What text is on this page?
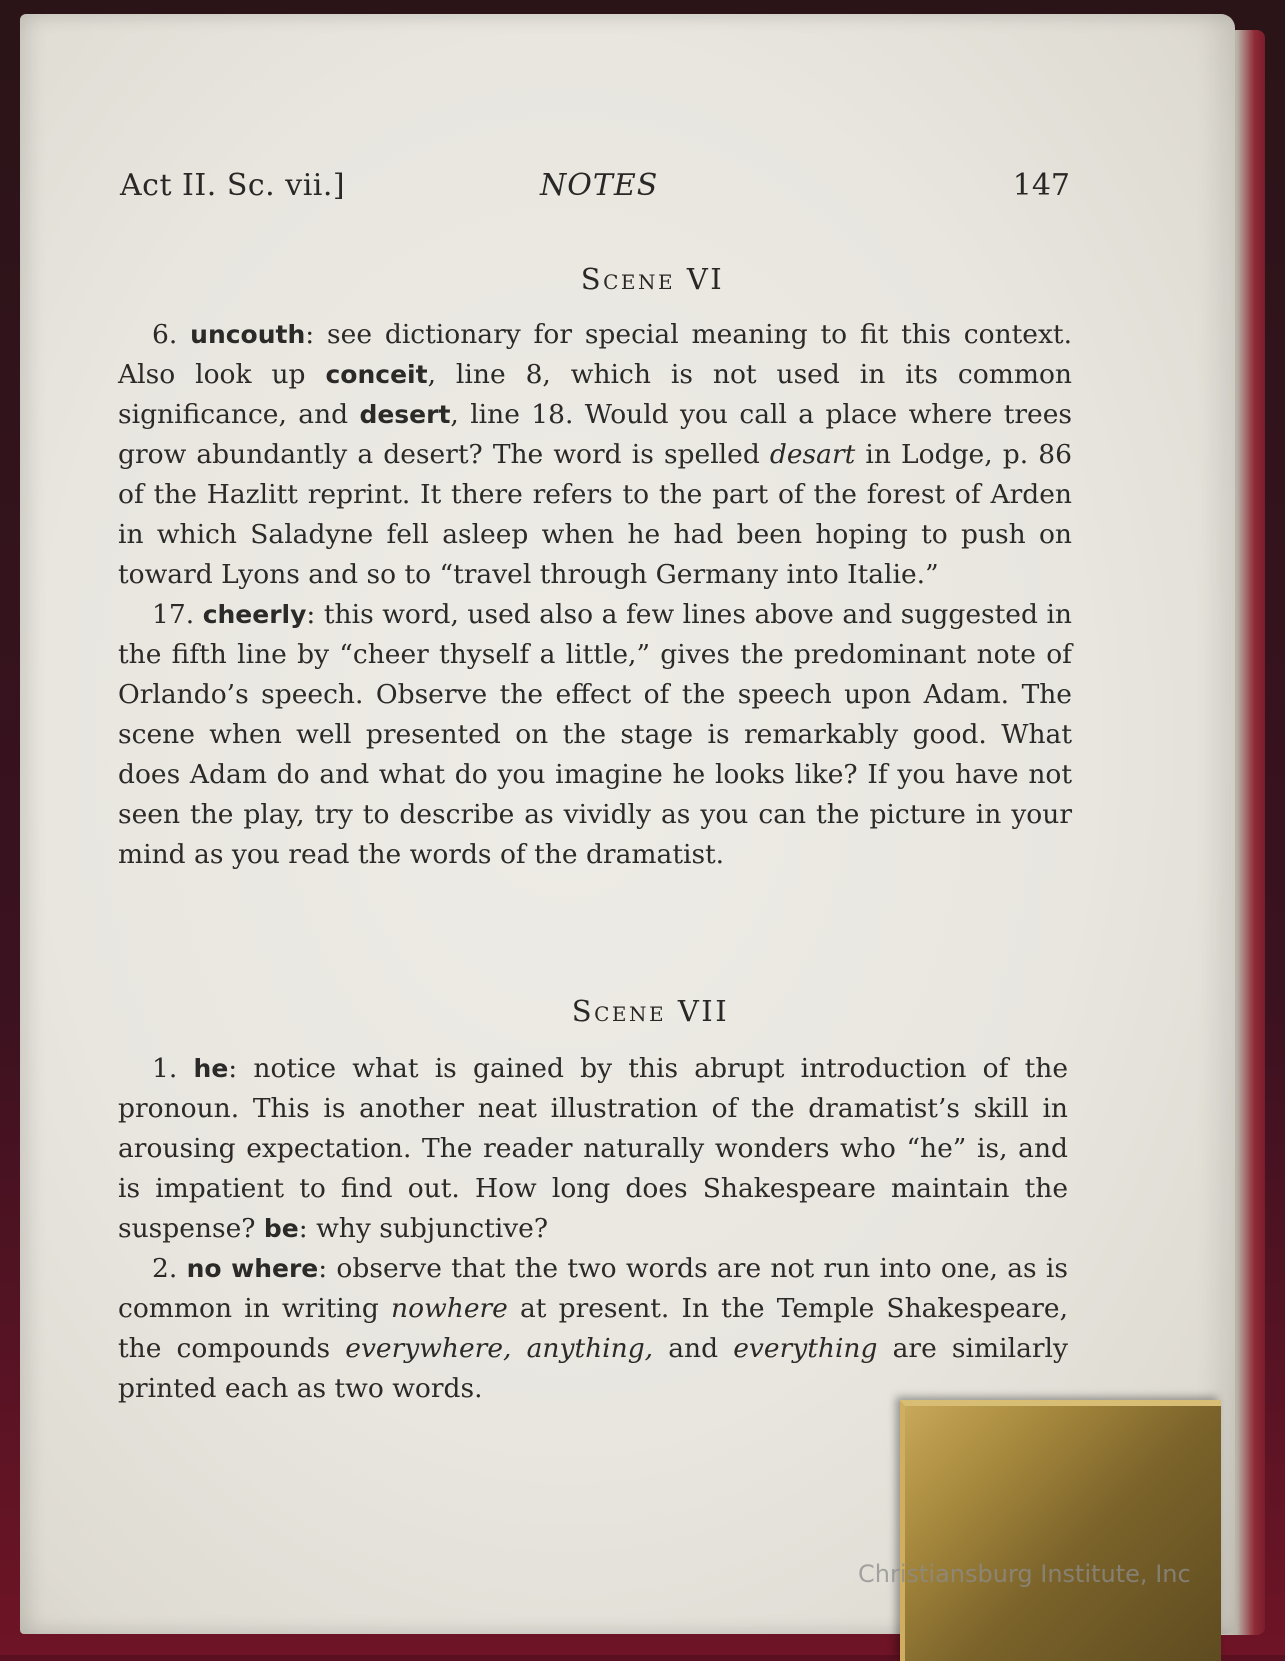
Act II. Sc. vii.]	NOTES	147
Scene VI

6. uncouth: see dictionary for special meaning to fit this context. Also look up conceit, line 8, which is not used in its common significance, and desert, line 18. Would you call a place where trees grow abundantly a desert? The word is spelled desart in Lodge, p. 86 of the Hazlitt reprint. It there refers to the part of the forest of Arden in which Saladyne fell asleep when he had been hoping to push on toward Lyons and so to “travel through Germany into Italie.”

17. cheerly: this word, used also a few lines above and suggested in the fifth line by “cheer thyself a little,” gives the predominant note of Orlando’s speech. Observe the effect of the speech upon Adam. The scene when well presented on the stage is remarkably good. What does Adam do and what do you imagine he looks like? If you have not seen the play, try to describe as vividly as you can the picture in your mind as you read the words of the dramatist.

Scene VII

1. he: notice what is gained by this abrupt introduction of the pronoun. This is another neat illustration of the dramatist’s skill in arousing expectation. The reader naturally wonders who “he” is, and is impatient to find out. How long does Shakespeare maintain the suspense? be: why subjunctive?

2. no where: observe that the two words are not run into one, as is common in writing nowhere at present. In the Temple Shakespeare, the compounds everywhere, anything, and everything are similarly printed each as two words.

Christiansburg Institute, Inc
